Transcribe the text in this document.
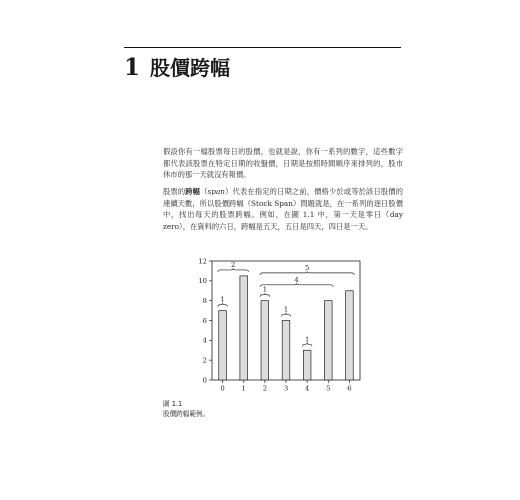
1 股價跨幅

假設你有一檔股票每日的股價，也就是說，你有一系列的數字，這些數字都代表該股票在特定日期的收盤價，日期是按照時間順序來排列的，股市休市的那一天就沒有報價。

股票的跨幅（span）代表在指定的日期之前，價格少於或等於該日股價的連續天數，所以股價跨幅（Stock Span）問題就是，在一系列的逐日股價中，找出每天的股票跨幅。例如，在圖 1.1 中，第一天是零日（day zero），在資料的六日，跨幅是五天，五日是四天，四日是一天。

0
2
4
6
8
10
12
0 1 2 3 4 5 6
1
2
1
1
1
4
5
圖 1.1
股價跨幅範例。
